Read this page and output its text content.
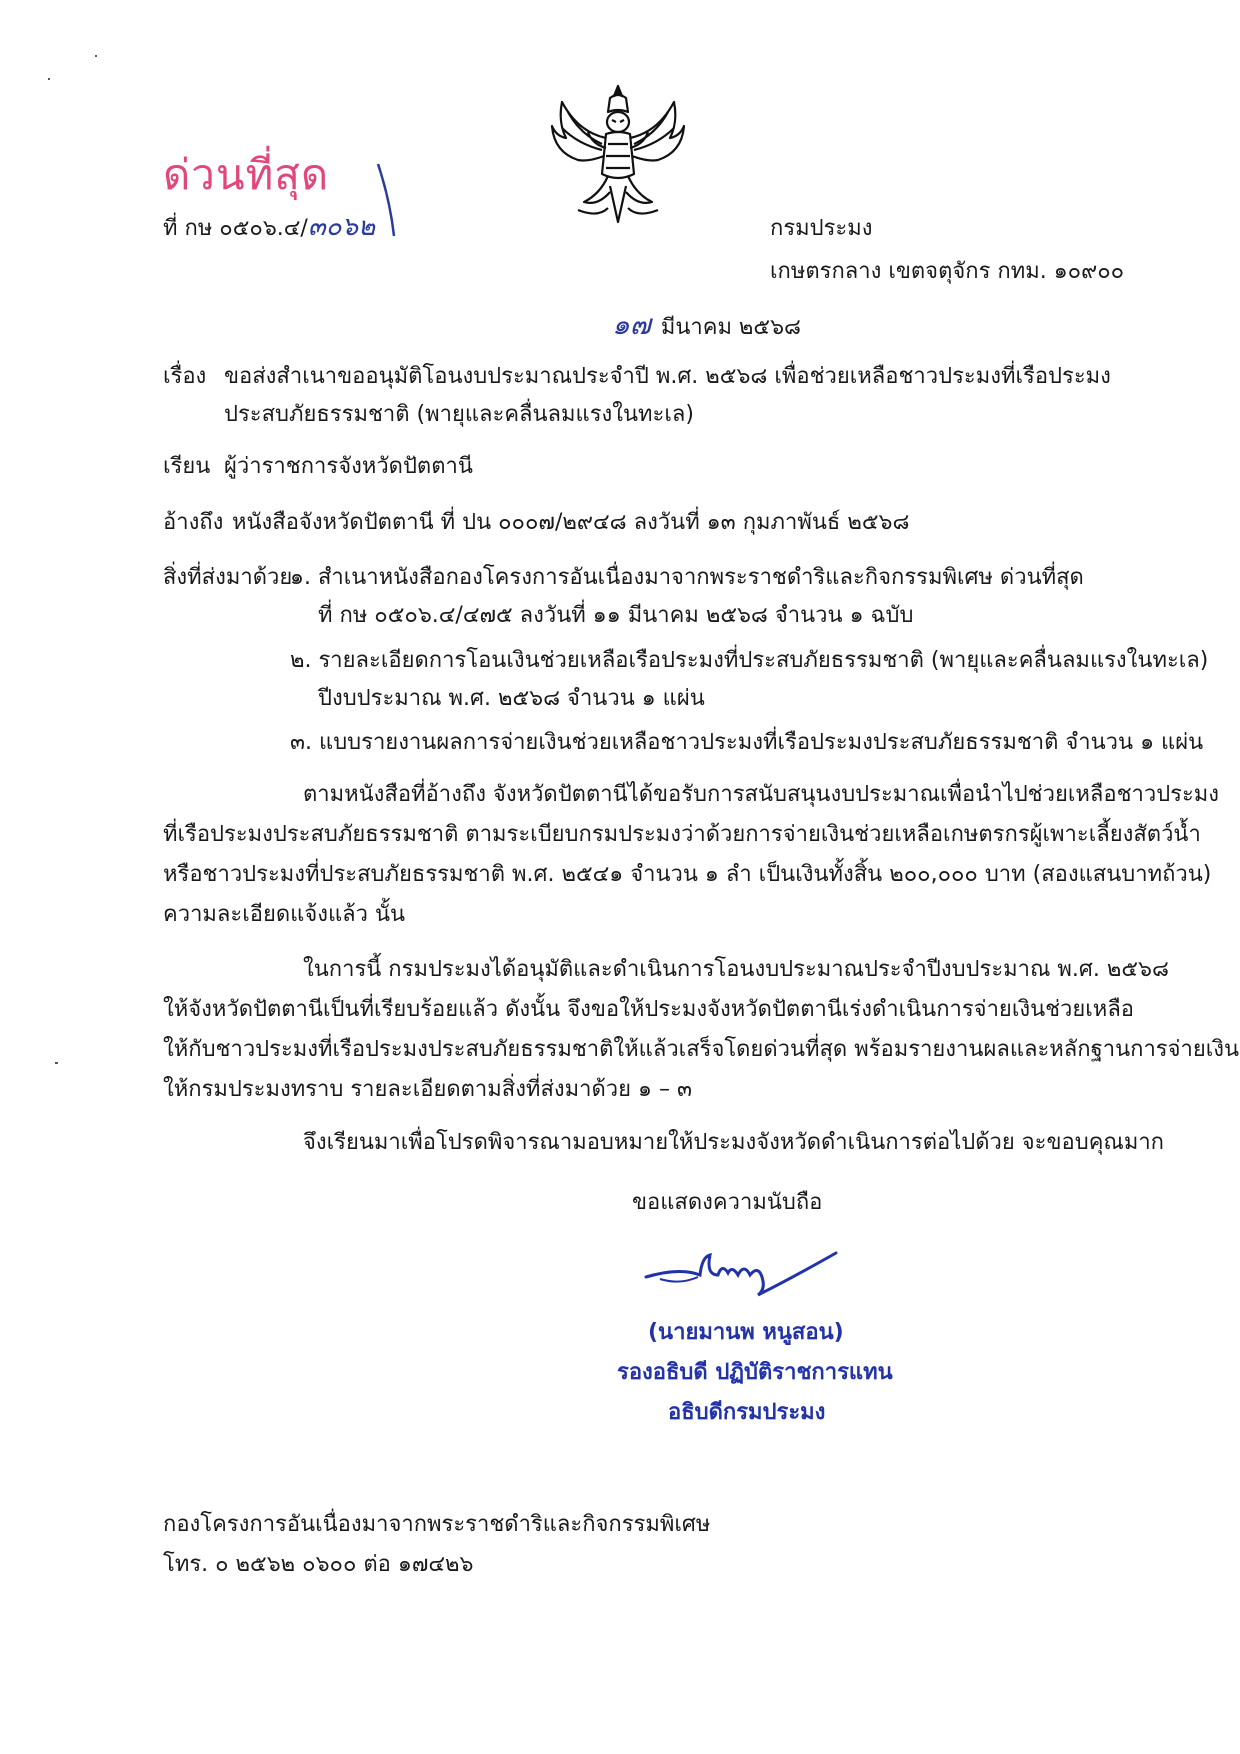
ด่วนที่สุด
ที่ กษ ๐๕๐๖.๔/๓๐๖๒	กรมประมง
เกษตรกลาง เขตจตุจักร กทม. ๑๐๙๐๐
๑๗ มีนาคม ๒๕๖๘
เรื่อง ขอส่งสำเนาขออนุมัติโอนงบประมาณประจำปี พ.ศ. ๒๕๖๘ เพื่อช่วยเหลือชาวประมงที่เรือประมง
ประสบภัยธรรมชาติ (พายุและคลื่นลมแรงในทะเล)
เรียน ผู้ว่าราชการจังหวัดปัตตานี
อ้างถึง หนังสือจังหวัดปัตตานี ที่ ปน ๐๐๐๗/๒๙๔๘ ลงวันที่ ๑๓ กุมภาพันธ์ ๒๕๖๘
สิ่งที่ส่งมาด้วย
๑. สำเนาหนังสือกองโครงการอันเนื่องมาจากพระราชดำริและกิจกรรมพิเศษ ด่วนที่สุด
ที่ กษ ๐๕๐๖.๔/๔๗๕ ลงวันที่ ๑๑ มีนาคม ๒๕๖๘ จำนวน ๑ ฉบับ
๒. รายละเอียดการโอนเงินช่วยเหลือเรือประมงที่ประสบภัยธรรมชาติ (พายุและคลื่นลมแรงในทะเล)
ปีงบประมาณ พ.ศ. ๒๕๖๘ จำนวน ๑ แผ่น
๓. แบบรายงานผลการจ่ายเงินช่วยเหลือชาวประมงที่เรือประมงประสบภัยธรรมชาติ จำนวน ๑ แผ่น
ตามหนังสือที่อ้างถึง จังหวัดปัตตานีได้ขอรับการสนับสนุนงบประมาณเพื่อนำไปช่วยเหลือชาวประมง
ที่เรือประมงประสบภัยธรรมชาติ ตามระเบียบกรมประมงว่าด้วยการจ่ายเงินช่วยเหลือเกษตรกรผู้เพาะเลี้ยงสัตว์น้ำ
หรือชาวประมงที่ประสบภัยธรรมชาติ พ.ศ. ๒๕๔๑ จำนวน ๑ ลำ เป็นเงินทั้งสิ้น ๒๐๐,๐๐๐ บาท (สองแสนบาทถ้วน)
ความละเอียดแจ้งแล้ว นั้น
ในการนี้ กรมประมงได้อนุมัติและดำเนินการโอนงบประมาณประจำปีงบประมาณ พ.ศ. ๒๕๖๘
ให้จังหวัดปัตตานีเป็นที่เรียบร้อยแล้ว ดังนั้น จึงขอให้ประมงจังหวัดปัตตานีเร่งดำเนินการจ่ายเงินช่วยเหลือ
ให้กับชาวประมงที่เรือประมงประสบภัยธรรมชาติให้แล้วเสร็จโดยด่วนที่สุด พร้อมรายงานผลและหลักฐานการจ่ายเงิน
ให้กรมประมงทราบ รายละเอียดตามสิ่งที่ส่งมาด้วย ๑ – ๓
จึงเรียนมาเพื่อโปรดพิจารณามอบหมายให้ประมงจังหวัดดำเนินการต่อไปด้วย จะขอบคุณมาก
ขอแสดงความนับถือ
(นายมานพ หนูสอน)
รองอธิบดี ปฏิบัติราชการแทน
อธิบดีกรมประมง
กองโครงการอันเนื่องมาจากพระราชดำริและกิจกรรมพิเศษ
โทร. ๐ ๒๕๖๒ ๐๖๐๐ ต่อ ๑๗๔๒๖
